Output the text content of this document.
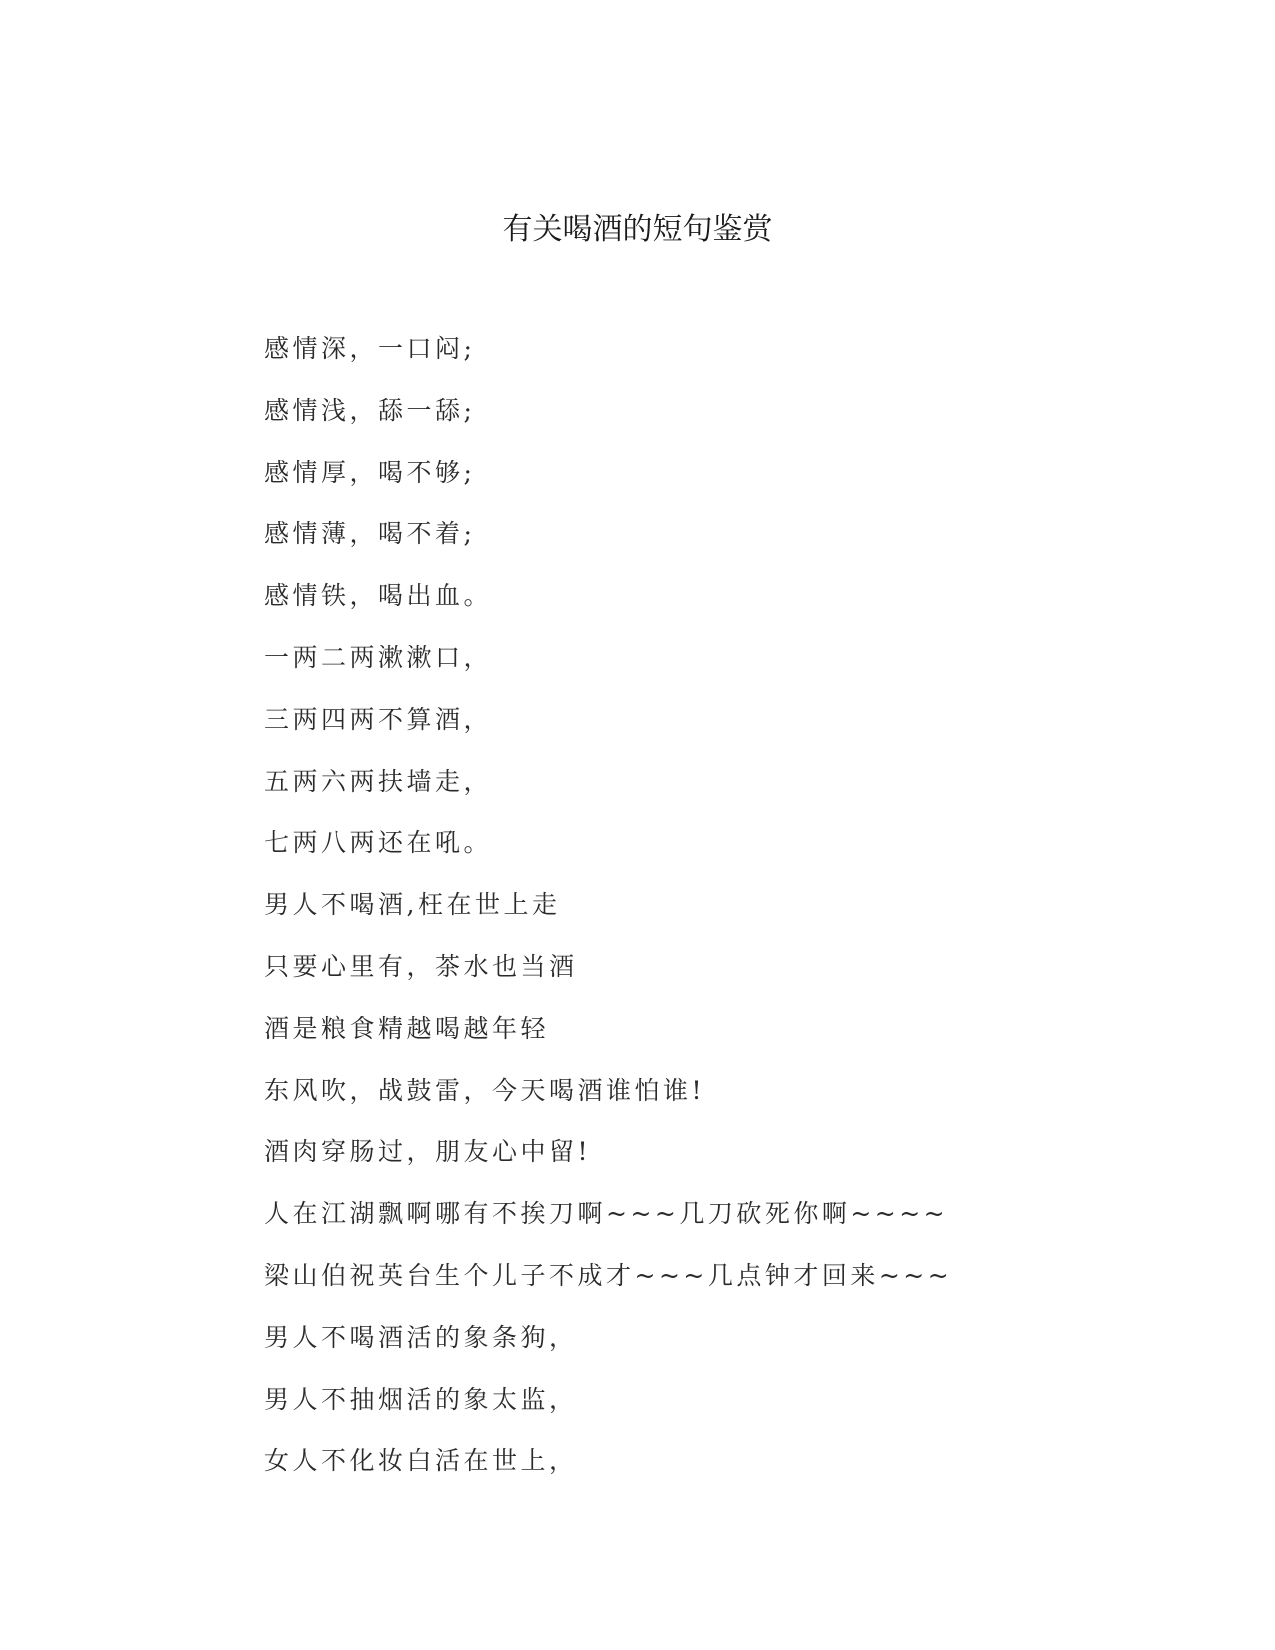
有关喝酒的短句鉴赏
感情深，一口闷;
感情浅，舔一舔;
感情厚，喝不够;
感情薄，喝不着;
感情铁，喝出血。
一两二两漱漱口，
三两四两不算酒，
五两六两扶墙走，
七两八两还在吼。
男人不喝酒,枉在世上走
只要心里有，茶水也当酒
酒是粮食精越喝越年轻
东风吹，战鼓雷，今天喝酒谁怕谁!
酒肉穿肠过，朋友心中留!
人在江湖飘啊哪有不挨刀啊~~~几刀砍死你啊~~~~
梁山伯祝英台生个儿子不成才~~~几点钟才回来~~~
男人不喝酒活的象条狗，
男人不抽烟活的象太监，
女人不化妆白活在世上，
